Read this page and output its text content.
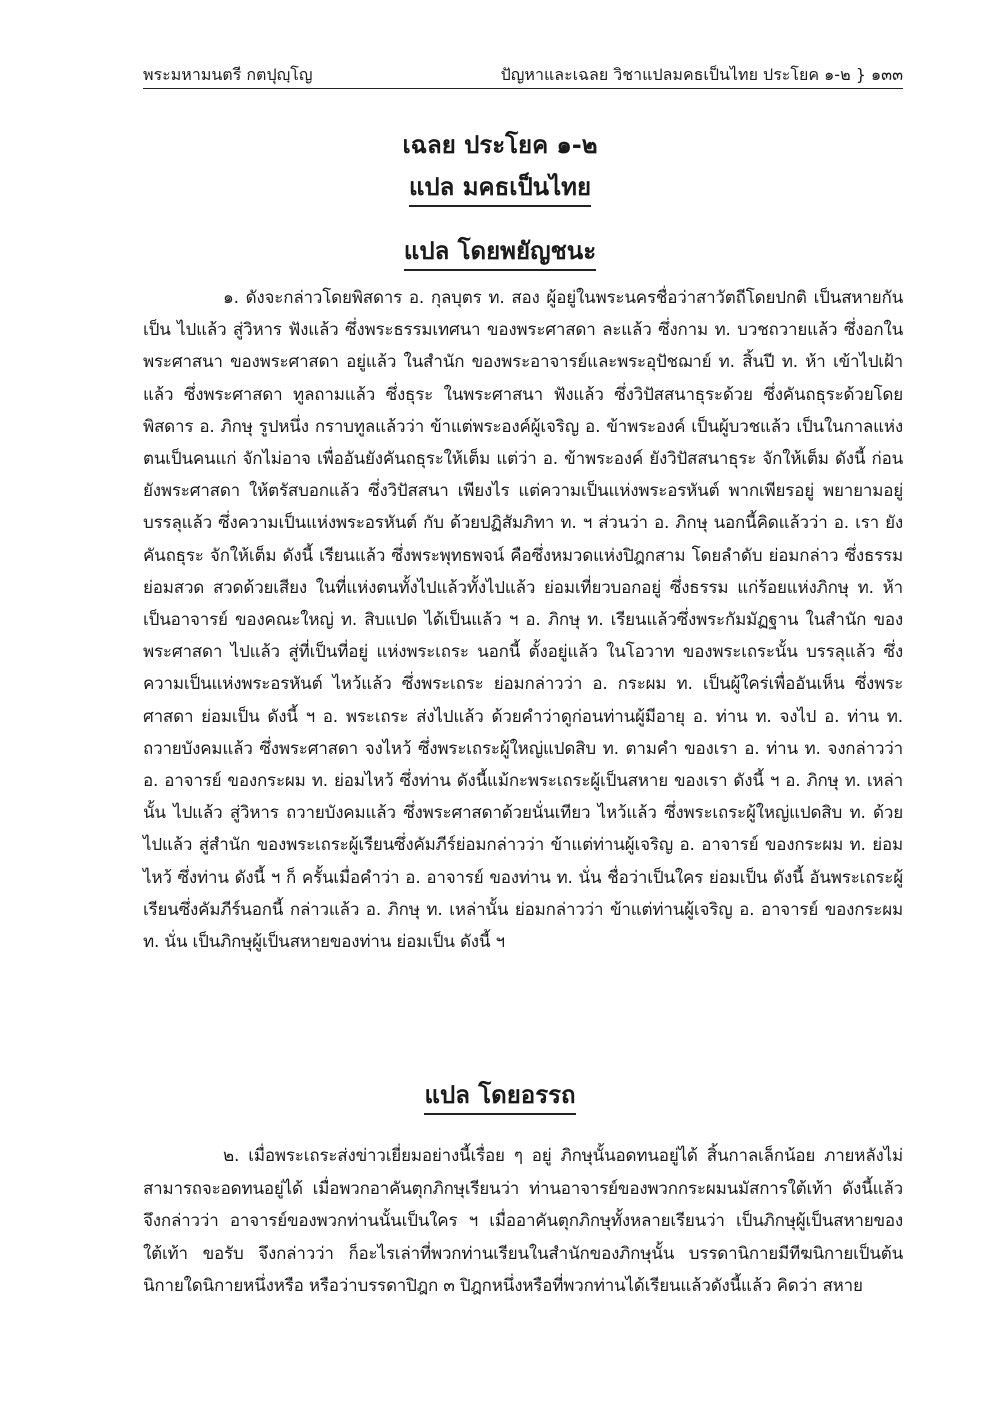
พระมหามนตรี กตปุญฺโญ	ปัญหาและเฉลย วิชาแปลมคธเป็นไทย ประโยค ๑-๒ } ๑๓๓
เฉลย ประโยค ๑-๒
แปล มคธเป็นไทย
แปล โดยพยัญชนะ

๑. ดังจะกล่าวโดยพิสดาร อ. กุลบุตร ท. สอง ผู้อยู่ในพระนครชื่อว่าสาวัตถีโดยปกติ เป็นสหายกันเป็น ไปแล้ว สู่วิหาร ฟังแล้ว ซึ่งพระธรรมเทศนา ของพระศาสดา ละแล้ว ซึ่งกาม ท. บวชถวายแล้ว ซึ่งอกในพระศาสนา ของพระศาสดา อยู่แล้ว ในสำนัก ของพระอาจารย์และพระอุปัชฌาย์ ท. สิ้นปี ท. ห้า เข้าไปเฝ้าแล้ว ซึ่งพระศาสดา ทูลถามแล้ว ซึ่งธุระ ในพระศาสนา ฟังแล้ว ซึ่งวิปัสสนาธุระด้วย ซึ่งคันถธุระด้วยโดยพิสดาร อ. ภิกษุ รูปหนึ่ง กราบทูลแล้วว่า ข้าแต่พระองค์ผู้เจริญ อ. ข้าพระองค์ เป็นผู้บวชแล้ว เป็นในกาลแห่งตนเป็นคนแก่ จักไม่อาจ เพื่ออันยังคันถธุระให้เต็ม แต่ว่า อ. ข้าพระองค์ ยังวิปัสสนาธุระ จักให้เต็ม ดังนี้ ก่อน ยังพระศาสดา ให้ตรัสบอกแล้ว ซึ่งวิปัสสนา เพียงไร แต่ความเป็นแห่งพระอรหันต์ พากเพียรอยู่ พยายามอยู่ บรรลุแล้ว ซึ่งความเป็นแห่งพระอรหันต์ กับ ด้วยปฏิสัมภิทา ท. ฯ ส่วนว่า อ. ภิกษุ นอกนี้คิดแล้วว่า อ. เรา ยังคันถธุระ จักให้เต็ม ดังนี้ เรียนแล้ว ซึ่งพระพุทธพจน์ คือซึ่งหมวดแห่งปิฎกสาม โดยลำดับ ย่อมกล่าว ซึ่งธรรม ย่อมสวด สวดด้วยเสียง ในที่แห่งตนทั้งไปแล้วทั้งไปแล้ว ย่อมเที่ยวบอกอยู่ ซึ่งธรรม แก่ร้อยแห่งภิกษุ ท. ห้า เป็นอาจารย์ ของคณะใหญ่ ท. สิบแปด ได้เป็นแล้ว ฯ อ. ภิกษุ ท. เรียนแล้วซึ่งพระกัมมัฏฐาน ในสำนัก ของพระศาสดา ไปแล้ว สู่ที่เป็นที่อยู่ แห่งพระเถระ นอกนี้ ตั้งอยู่แล้ว ในโอวาท ของพระเถระนั้น บรรลุแล้ว ซึ่งความเป็นแห่งพระอรหันต์ ไหว้แล้ว ซึ่งพระเถระ ย่อมกล่าวว่า อ. กระผม ท. เป็นผู้ใคร่เพื่ออันเห็น ซึ่งพระศาสดา ย่อมเป็น ดังนี้ ฯ อ. พระเถระ ส่งไปแล้ว ด้วยคำว่าดูก่อนท่านผู้มีอายุ อ. ท่าน ท. จงไป อ. ท่าน ท. ถวายบังคมแล้ว ซึ่งพระศาสดา จงไหว้ ซึ่งพระเถระผู้ใหญ่แปดสิบ ท. ตามคำ ของเรา อ. ท่าน ท. จงกล่าวว่า อ. อาจารย์ ของกระผม ท. ย่อมไหว้ ซึ่งท่าน ดังนี้แม้กะพระเถระผู้เป็นสหาย ของเรา ดังนี้ ฯ อ. ภิกษุ ท. เหล่านั้น ไปแล้ว สู่วิหาร ถวายบังคมแล้ว ซึ่งพระศาสดาด้วยนั่นเทียว ไหว้แล้ว ซึ่งพระเถระผู้ใหญ่แปดสิบ ท. ด้วย ไปแล้ว สู่สำนัก ของพระเถระผู้เรียนซึ่งคัมภีร์ย่อมกล่าวว่า ข้าแต่ท่านผู้เจริญ อ. อาจารย์ ของกระผม ท. ย่อมไหว้ ซึ่งท่าน ดังนี้ ฯ ก็ ครั้นเมื่อคำว่า อ. อาจารย์ ของท่าน ท. นั่น ชื่อว่าเป็นใคร ย่อมเป็น ดังนี้ อันพระเถระผู้เรียนซึ่งคัมภีร์นอกนี้ กล่าวแล้ว อ. ภิกษุ ท. เหล่านั้น ย่อมกล่าวว่า ข้าแต่ท่านผู้เจริญ อ. อาจารย์ ของกระผม ท. นั่น เป็นภิกษุผู้เป็นสหายของท่าน ย่อมเป็น ดังนี้ ฯ

แปล โดยอรรถ

๒. เมื่อพระเถระส่งข่าวเยี่ยมอย่างนี้เรื่อย ๆ อยู่ ภิกษุนั้นอดทนอยู่ได้ สิ้นกาลเล็กน้อย ภายหลังไม่สามารถจะอดทนอยู่ได้ เมื่อพวกอาคันตุกภิกษุเรียนว่า ท่านอาจารย์ของพวกกระผมนมัสการใต้เท้า ดังนี้แล้วจึงกล่าวว่า อาจารย์ของพวกท่านนั้นเป็นใคร ฯ เมื่ออาคันตุกภิกษุทั้งหลายเรียนว่า เป็นภิกษุผู้เป็นสหายของใต้เท้า ขอรับ จึงกล่าวว่า ก็อะไรเล่าที่พวกท่านเรียนในสำนักของภิกษุนั้น บรรดานิกายมีทีฆนิกายเป็นต้นนิกายใดนิกายหนึ่งหรือ หรือว่าบรรดาปิฎก ๓ ปิฎกหนึ่งหรือที่พวกท่านได้เรียนแล้วดังนี้แล้ว คิดว่า สหาย
